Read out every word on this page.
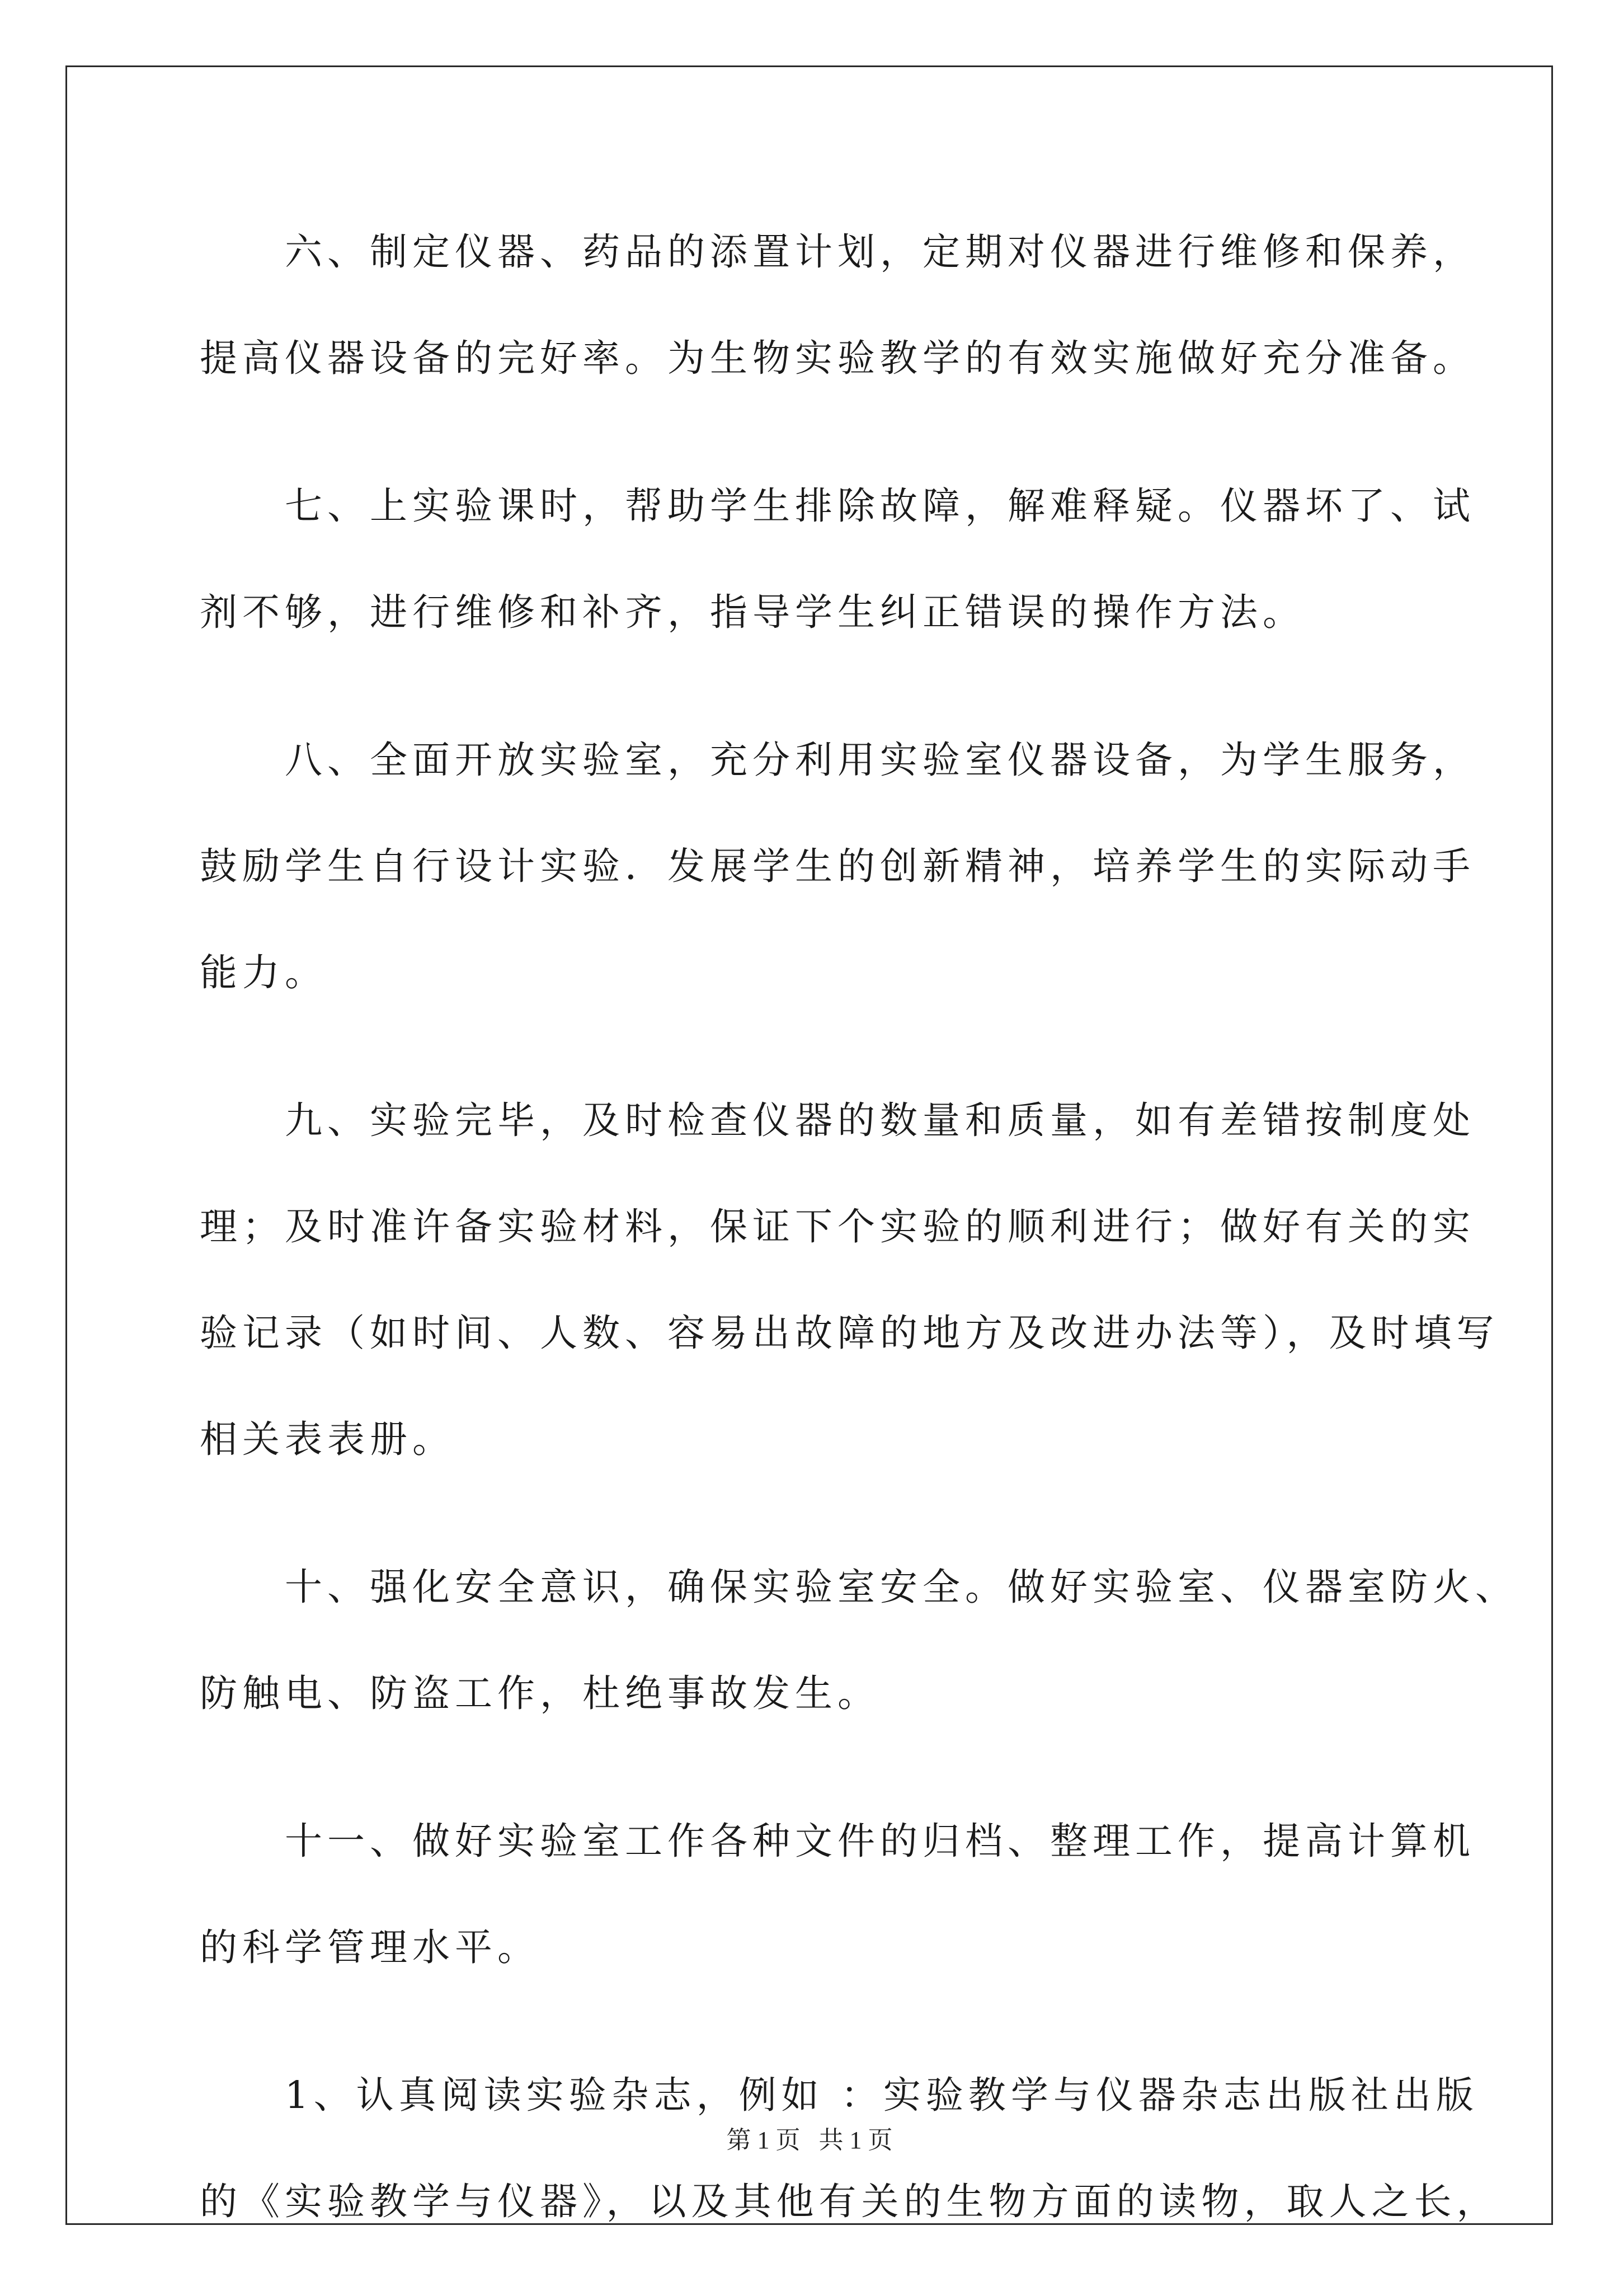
六、制定仪器、药品的添置计划，定期对仪器进行维修和保养，
提高仪器设备的完好率。为生物实验教学的有效实施做好充分准备。

七、上实验课时，帮助学生排除故障，解难释疑。仪器坏了、试
剂不够，进行维修和补齐，指导学生纠正错误的操作方法。

八、全面开放实验室，充分利用实验室仪器设备，为学生服务，
鼓励学生自行设计实验．发展学生的创新精神，培养学生的实际动手
能力。

九、实验完毕，及时检查仪器的数量和质量，如有差错按制度处
理；及时准许备实验材料，保证下个实验的顺利进行；做好有关的实
验记录（如时间、人数、容易出故障的地方及改进办法等），及时填写
相关表表册。

十、强化安全意识，确保实验室安全。做好实验室、仪器室防火、
防触电、防盗工作，杜绝事故发生。

十一、做好实验室工作各种文件的归档、整理工作，提高计算机
的科学管理水平。

1、认真阅读实验杂志，例如 ：实验教学与仪器杂志出版社出版
的《实验教学与仪器》，以及其他有关的生物方面的读物，取人之长，

第 1 页   共 1 页
